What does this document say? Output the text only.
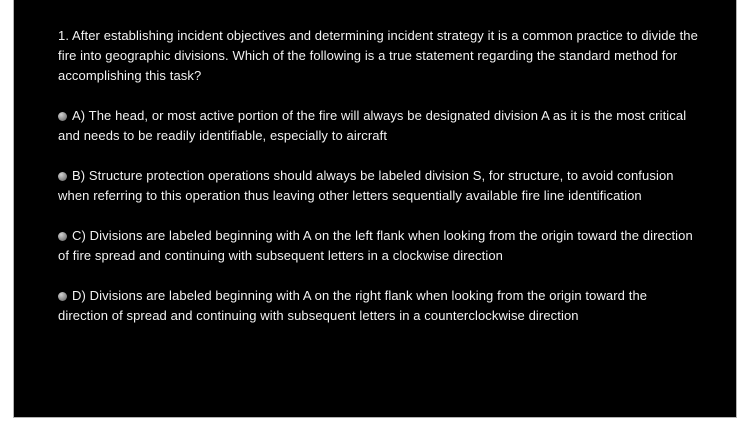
1. After establishing incident objectives and determining incident strategy it is a common practice to divide the fire into geographic divisions. Which of the following is a true statement regarding the standard method for accomplishing this task?

A) The head, or most active portion of the fire will always be designated division A as it is the most critical and needs to be readily identifiable, especially to aircraft
B) Structure protection operations should always be labeled division S, for structure, to avoid confusion when referring to this operation thus leaving other letters sequentially available fire line identification
C) Divisions are labeled beginning with A on the left flank when looking from the origin toward the direction of fire spread and continuing with subsequent letters in a clockwise direction
D) Divisions are labeled beginning with A on the right flank when looking from the origin toward the direction of spread and continuing with subsequent letters in a counterclockwise direction
